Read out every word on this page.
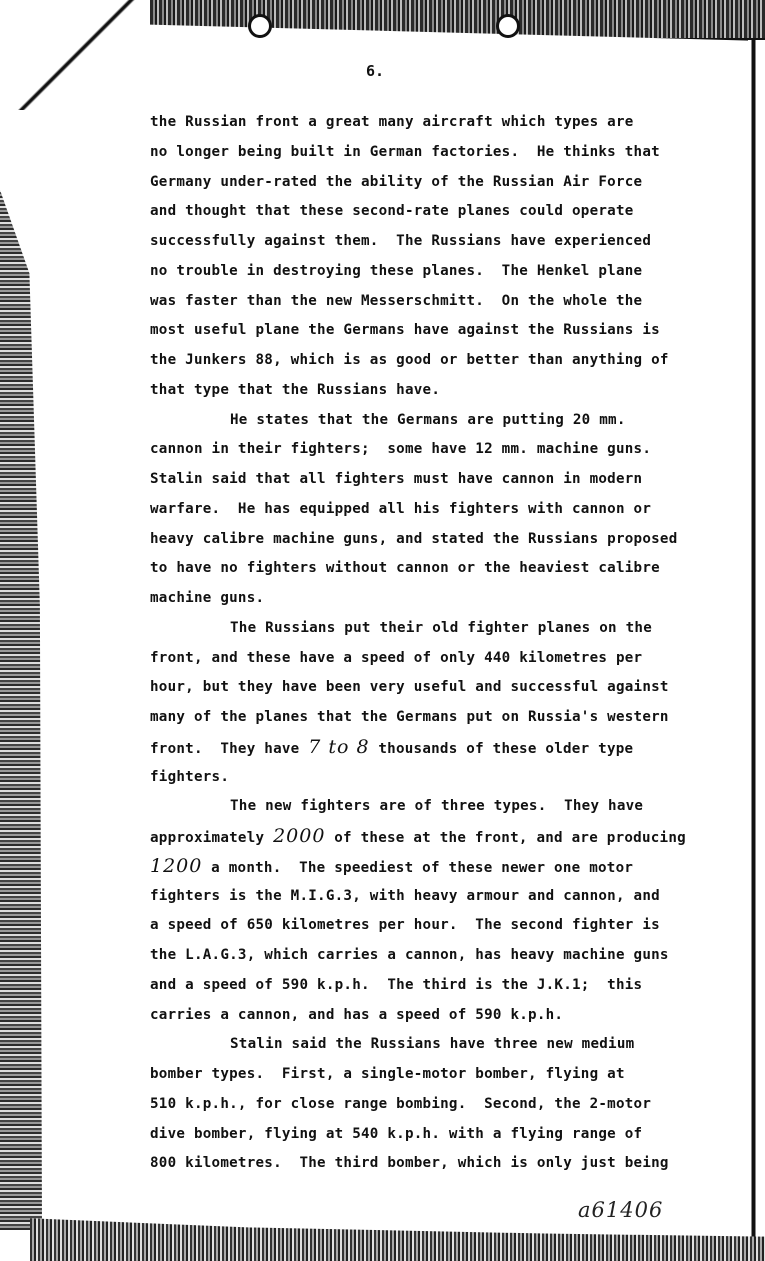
6.
the Russian front a great many aircraft which types are
no longer being built in German factories.  He thinks that
Germany under-rated the ability of the Russian Air Force
and thought that these second-rate planes could operate
successfully against them.  The Russians have experienced
no trouble in destroying these planes.  The Henkel plane
was faster than the new Messerschmitt.  On the whole the
most useful plane the Germans have against the Russians is
the Junkers 88, which is as good or better than anything of
that type that the Russians have.
He states that the Germans are putting 20 mm.
cannon in their fighters;  some have 12 mm. machine guns.
Stalin said that all fighters must have cannon in modern
warfare.  He has equipped all his fighters with cannon or
heavy calibre machine guns, and stated the Russians proposed
to have no fighters without cannon or the heaviest calibre
machine guns.
The Russians put their old fighter planes on the
front, and these have a speed of only 440 kilometres per
hour, but they have been very useful and successful against
many of the planes that the Germans put on Russia's western
front.  They have 7 to 8 thousands of these older type
fighters.
The new fighters are of three types.  They have
approximately 2000 of these at the front, and are producing
1200 a month.  The speediest of these newer one motor
fighters is the M.I.G.3, with heavy armour and cannon, and
a speed of 650 kilometres per hour.  The second fighter is
the L.A.G.3, which carries a cannon, has heavy machine guns
and a speed of 590 k.p.h.  The third is the J.K.1;  this
carries a cannon, and has a speed of 590 k.p.h.
Stalin said the Russians have three new medium
bomber types.  First, a single-motor bomber, flying at
510 k.p.h., for close range bombing.  Second, the 2-motor
dive bomber, flying at 540 k.p.h. with a flying range of
800 kilometres.  The third bomber, which is only just being
a61406
